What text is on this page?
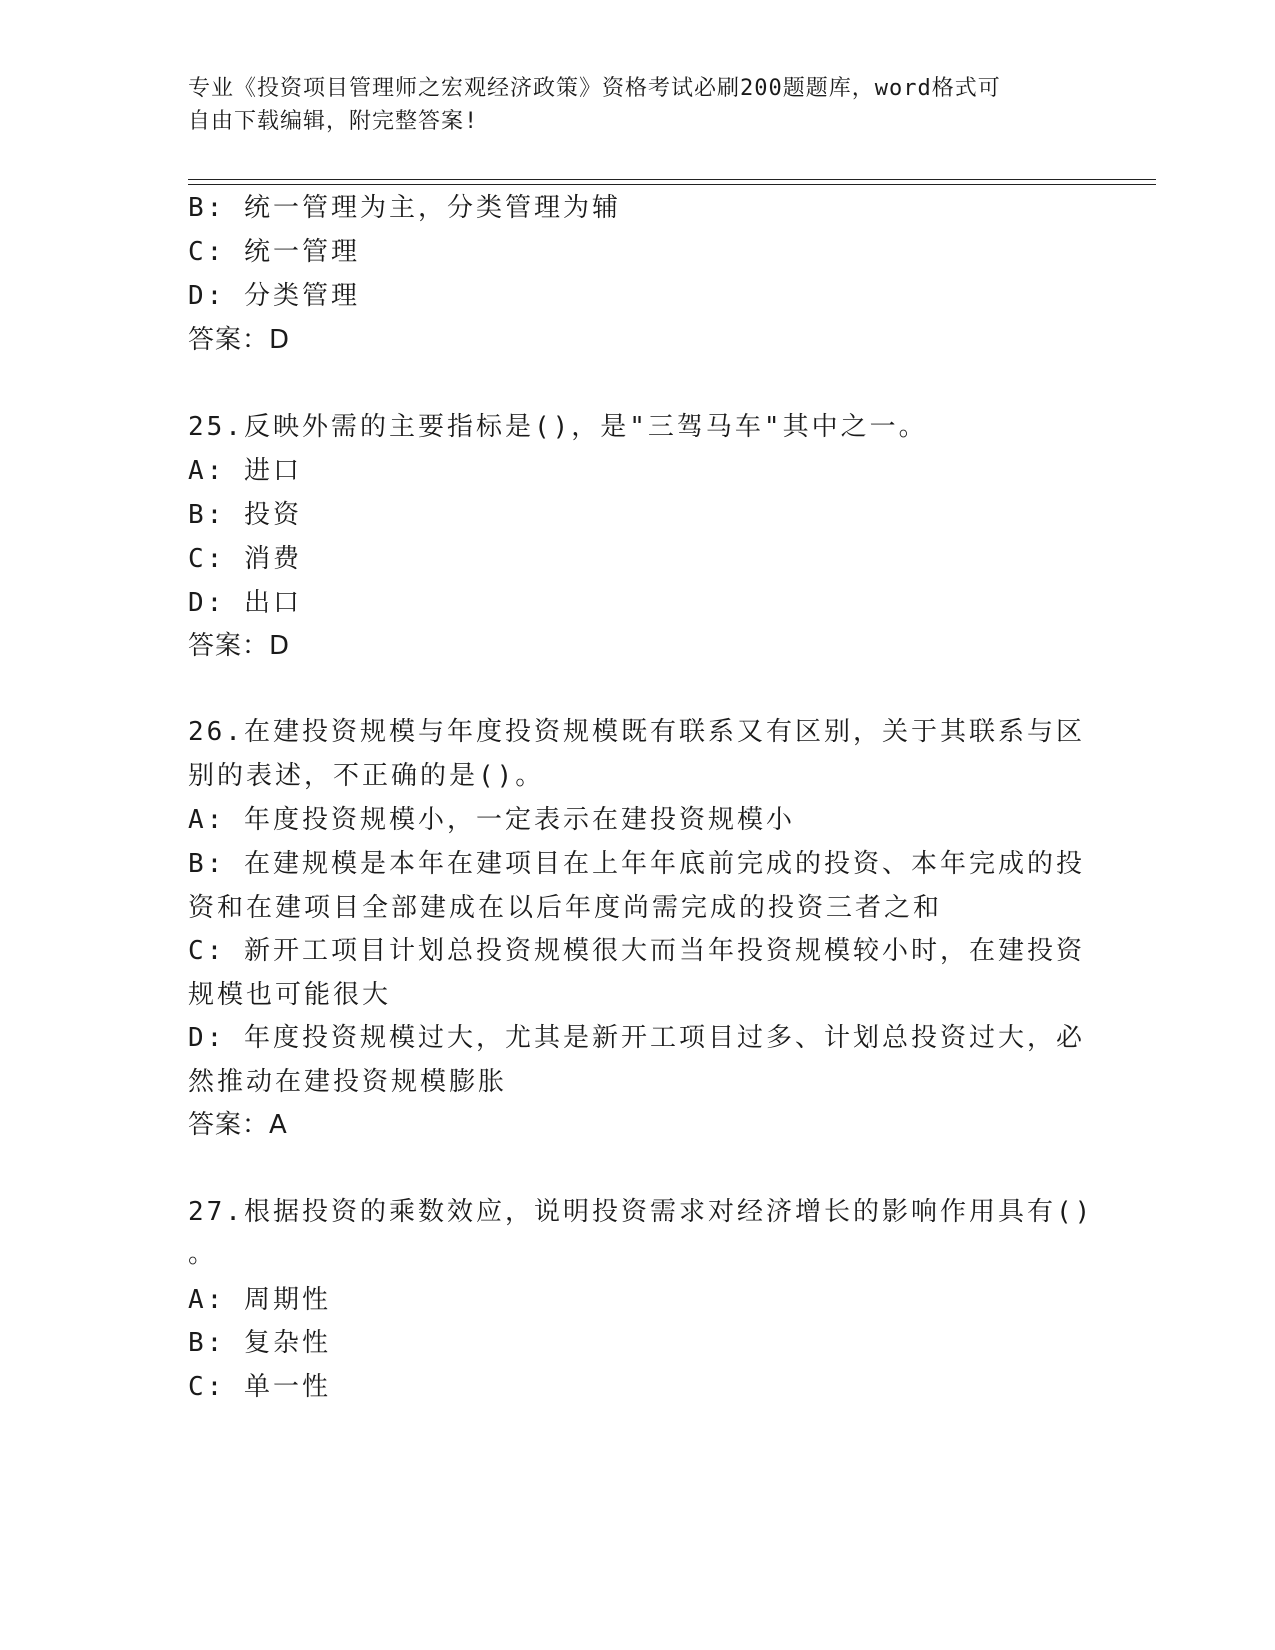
专业《投资项目管理师之宏观经济政策》资格考试必刷200题题库，word格式可
自由下载编辑，附完整答案!
B: 统一管理为主，分类管理为辅
C: 统一管理
D: 分类管理
答案：D
25.反映外需的主要指标是()，是"三驾马车"其中之一。
A: 进口
B: 投资
C: 消费
D: 出口
答案：D
26.在建投资规模与年度投资规模既有联系又有区别，关于其联系与区
别的表述，不正确的是()。
A: 年度投资规模小，一定表示在建投资规模小
B: 在建规模是本年在建项目在上年年底前完成的投资、本年完成的投
资和在建项目全部建成在以后年度尚需完成的投资三者之和
C: 新开工项目计划总投资规模很大而当年投资规模较小时，在建投资
规模也可能很大
D: 年度投资规模过大，尤其是新开工项目过多、计划总投资过大，必
然推动在建投资规模膨胀
答案：A
27.根据投资的乘数效应，说明投资需求对经济增长的影响作用具有()
。
A: 周期性
B: 复杂性
C: 单一性
